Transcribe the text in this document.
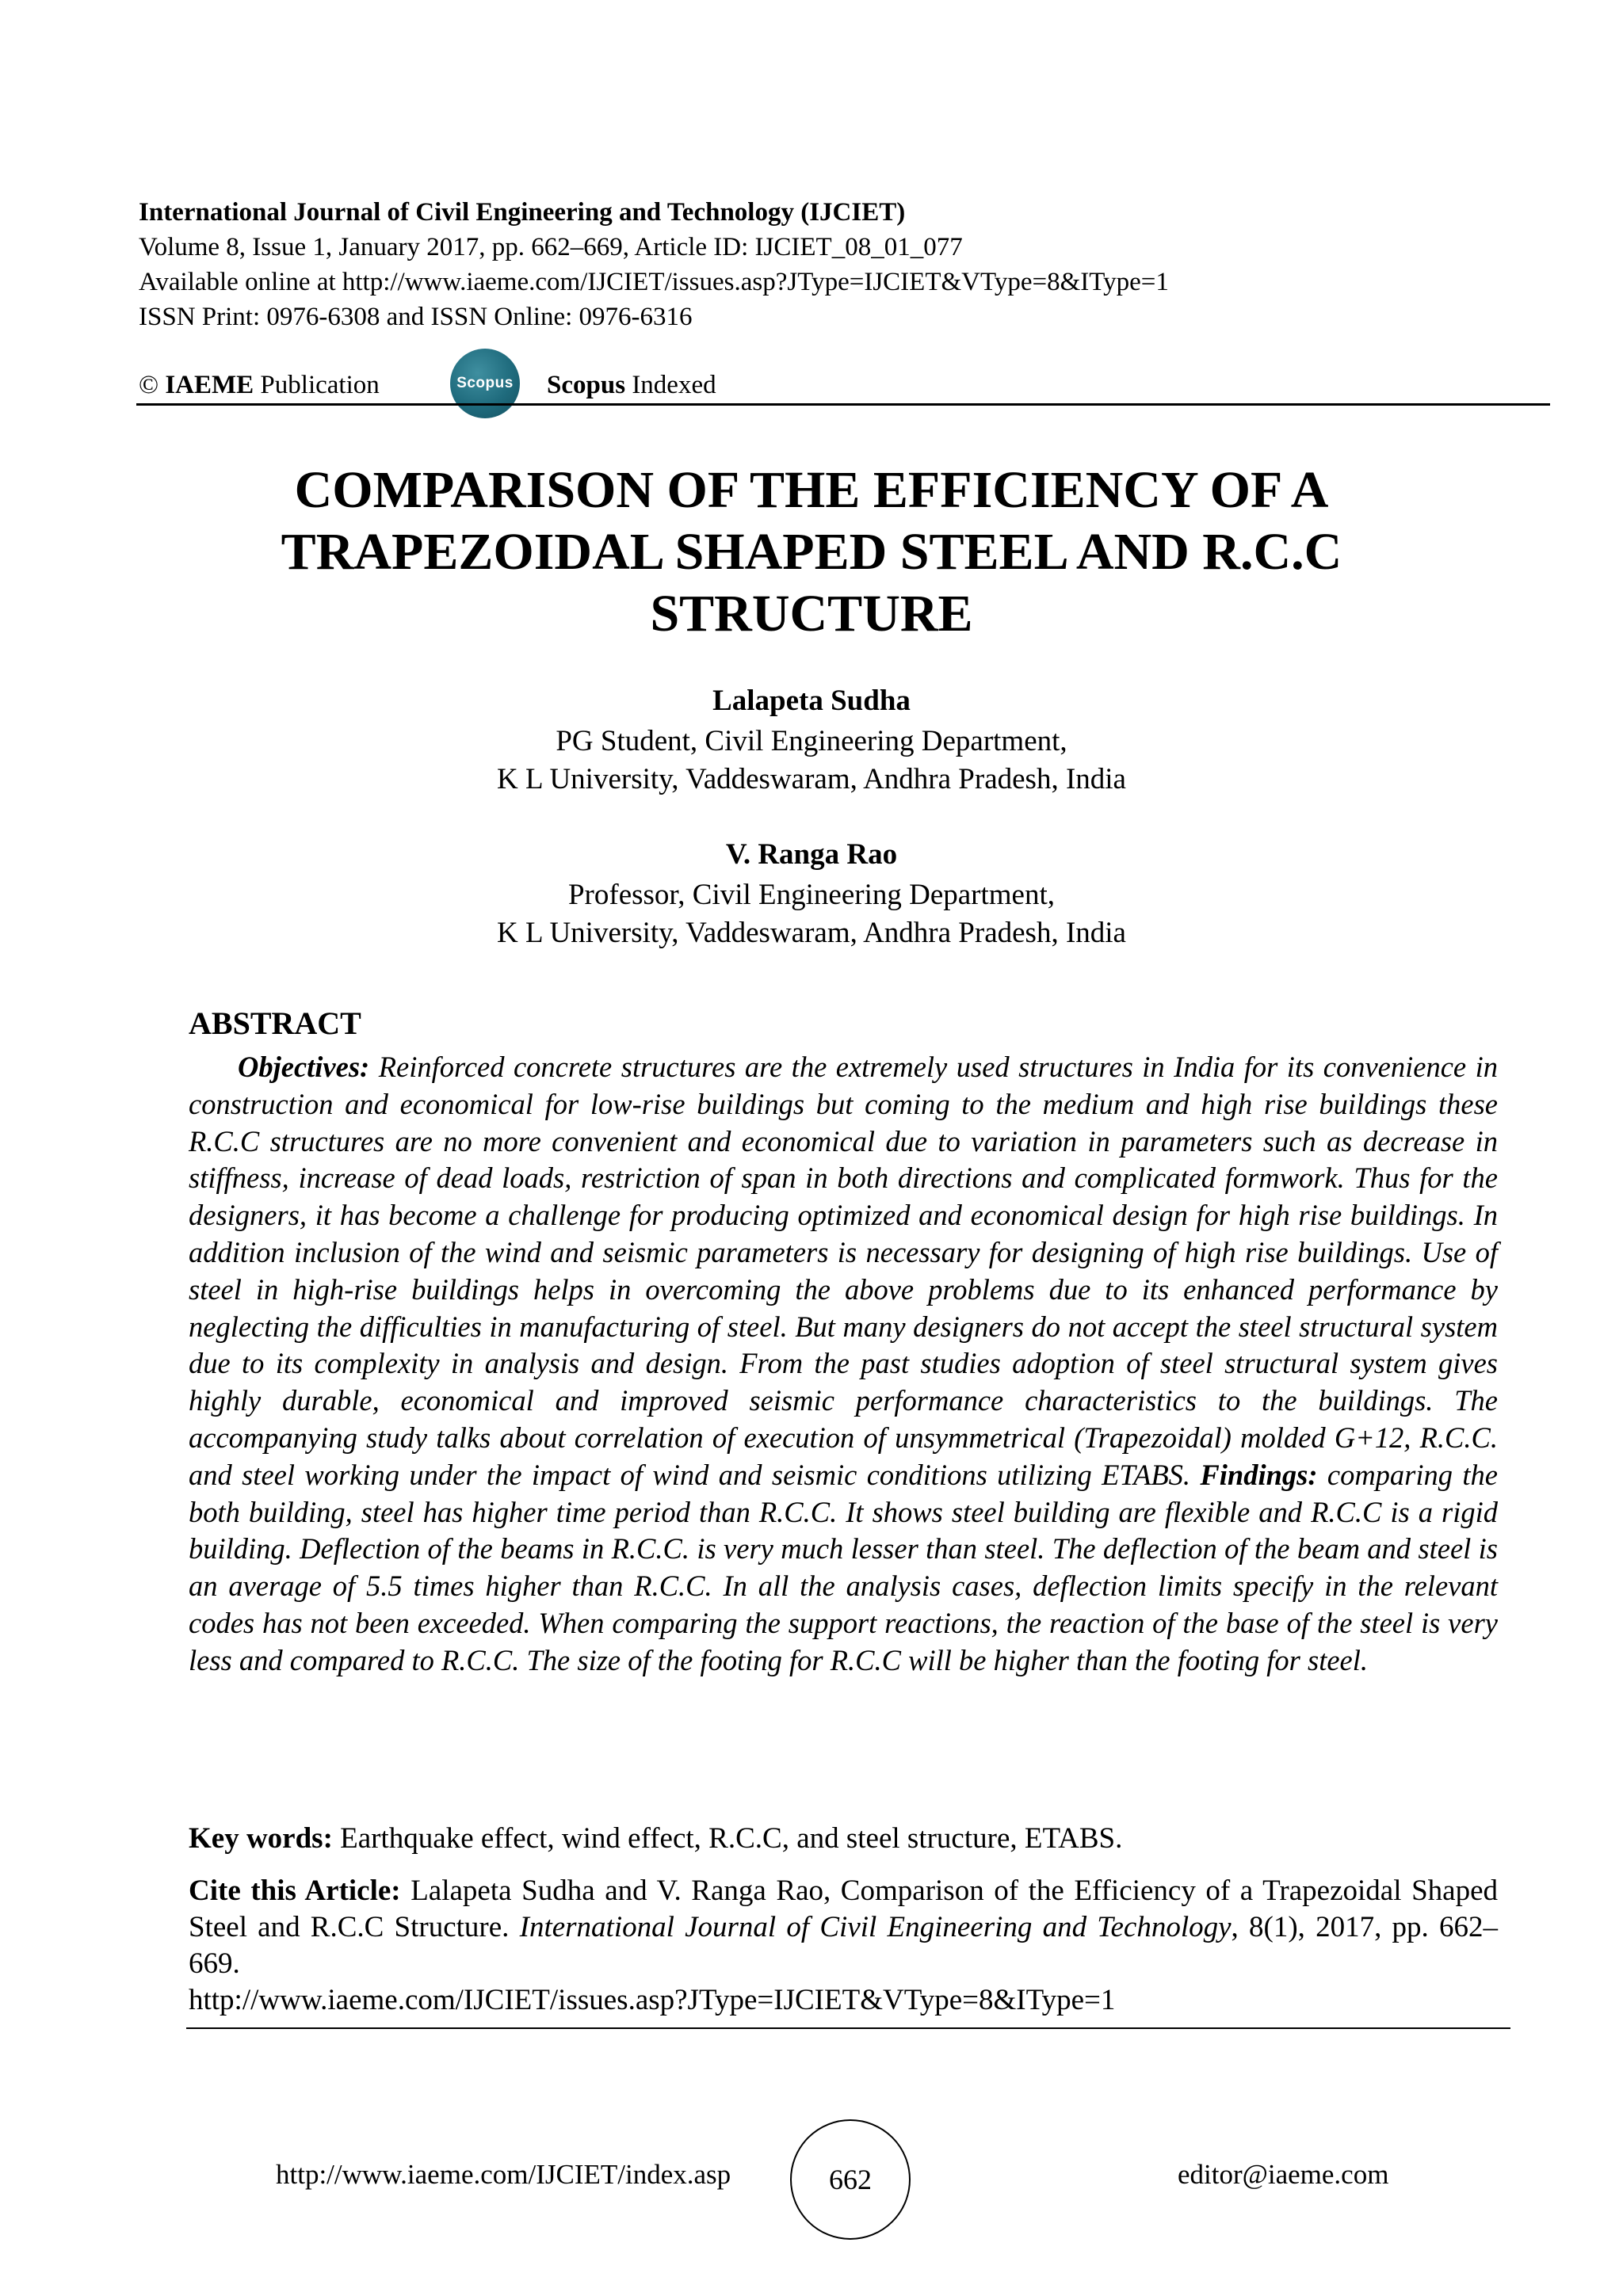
International Journal of Civil Engineering and Technology (IJCIET)
Volume 8, Issue 1, January 2017, pp. 662–669, Article ID: IJCIET_08_01_077
Available online at http://www.iaeme.com/IJCIET/issues.asp?JType=IJCIET&VType=8&IType=1
ISSN Print: 0976-6308 and ISSN Online: 0976-6316
© IAEME Publication	Scopus Scopus Indexed
COMPARISON OF THE EFFICIENCY OF A
TRAPEZOIDAL SHAPED STEEL AND R.C.C
STRUCTURE
Lalapeta Sudha
PG Student, Civil Engineering Department,
K L University, Vaddeswaram, Andhra Pradesh, India
V. Ranga Rao
Professor, Civil Engineering Department,
K L University, Vaddeswaram, Andhra Pradesh, India
ABSTRACT

Objectives: Reinforced concrete structures are the extremely used structures in India for its convenience in construction and economical for low-rise buildings but coming to the medium and high rise buildings these R.C.C structures are no more convenient and economical due to variation in parameters such as decrease in stiffness, increase of dead loads, restriction of span in both directions and complicated formwork. Thus for the designers, it has become a challenge for producing optimized and economical design for high rise buildings. In addition inclusion of the wind and seismic parameters is necessary for designing of high rise buildings. Use of steel in high-rise buildings helps in overcoming the above problems due to its enhanced performance by neglecting the difficulties in manufacturing of steel. But many designers do not accept the steel structural system due to its complexity in analysis and design. From the past studies adoption of steel structural system gives highly durable, economical and improved seismic performance characteristics to the buildings. The accompanying study talks about correlation of execution of unsymmetrical (Trapezoidal) molded G+12, R.C.C. and steel working under the impact of wind and seismic conditions utilizing ETABS. Findings: comparing the both building, steel has higher time period than R.C.C. It shows steel building are flexible and R.C.C is a rigid building. Deflection of the beams in R.C.C. is very much lesser than steel. The deflection of the beam and steel is an average of 5.5 times higher than R.C.C. In all the analysis cases, deflection limits specify in the relevant codes has not been exceeded. When comparing the support reactions, the reaction of the base of the steel is very less and compared to R.C.C. The size of the footing for R.C.C will be higher than the footing for steel.

Key words: Earthquake effect, wind effect, R.C.C, and steel structure, ETABS.
Cite this Article: Lalapeta Sudha and V. Ranga Rao, Comparison of the Efficiency of a Trapezoidal Shaped Steel and R.C.C Structure. International Journal of Civil Engineering and Technology, 8(1), 2017, pp. 662–669.
http://www.iaeme.com/IJCIET/issues.asp?JType=IJCIET&VType=8&IType=1
http://www.iaeme.com/IJCIET/index.asp	662	editor@iaeme.com
